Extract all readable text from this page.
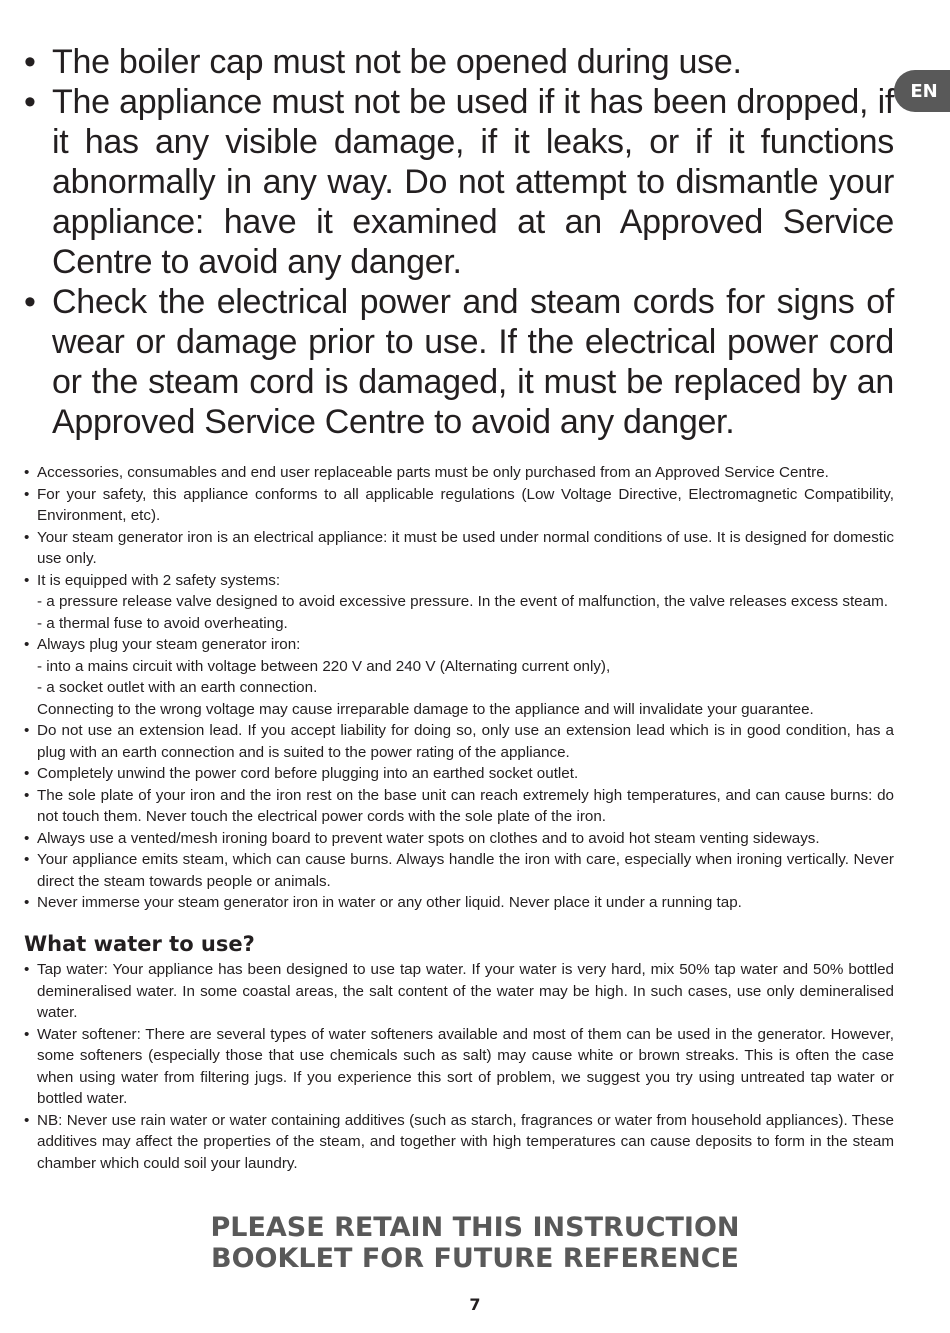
EN
• The boiler cap must not be opened during use.
• The appliance must not be used if it has been dropped, if it has any visible damage, if it leaks, or if it functions abnormally in any way. Do not attempt to dismantle your appliance: have it examined at an Approved Service Centre to avoid any danger.
• Check the electrical power and steam cords for signs of wear or damage prior to use. If the electrical power cord or the steam cord is damaged, it must be replaced by an Approved Service Centre to avoid any danger.
• Accessories, consumables and end user replaceable parts must be only purchased from an Approved Service Centre.
• For your safety, this appliance conforms to all applicable regulations (Low Voltage Directive, Electromagnetic Compatibility, Environment, etc).
• Your steam generator iron is an electrical appliance: it must be used under normal conditions of use. It is designed for domestic use only.
• It is equipped with 2 safety systems:
- a pressure release valve designed to avoid excessive pressure. In the event of malfunction, the valve releases excess steam.
- a thermal fuse to avoid overheating.
• Always plug your steam generator iron:
- into a mains circuit with voltage between 220 V and 240 V (Alternating current only),
- a socket outlet with an earth connection.
Connecting to the wrong voltage may cause irreparable damage to the appliance and will invalidate your guarantee.
• Do not use an extension lead. If you accept liability for doing so, only use an extension lead which is in good condition, has a plug with an earth connection and is suited to the power rating of the appliance.
• Completely unwind the power cord before plugging into an earthed socket outlet.
• The sole plate of your iron and the iron rest on the base unit can reach extremely high temperatures, and can cause burns: do not touch them. Never touch the electrical power cords with the sole plate of the iron.
• Always use a vented/mesh ironing board to prevent water spots on clothes and to avoid hot steam venting sideways.
• Your appliance emits steam, which can cause burns. Always handle the iron with care, especially when ironing vertically. Never direct the steam towards people or animals.
• Never immerse your steam generator iron in water or any other liquid. Never place it under a running tap.
What water to use?
• Tap water: Your appliance has been designed to use tap water. If your water is very hard, mix 50% tap water and 50% bottled demineralised water. In some coastal areas, the salt content of the water may be high. In such cases, use only demineralised water.
• Water softener: There are several types of water softeners available and most of them can be used in the generator. However, some softeners (especially those that use chemicals such as salt) may cause white or brown streaks. This is often the case when using water from filtering jugs. If you experience this sort of problem, we suggest you try using untreated tap water or bottled water.
• NB: Never use rain water or water containing additives (such as starch, fragrances or water from household appliances). These additives may affect the properties of the steam, and together with high temperatures can cause deposits to form in the steam chamber which could soil your laundry.
PLEASE RETAIN THIS INSTRUCTION
BOOKLET FOR FUTURE REFERENCE
7
